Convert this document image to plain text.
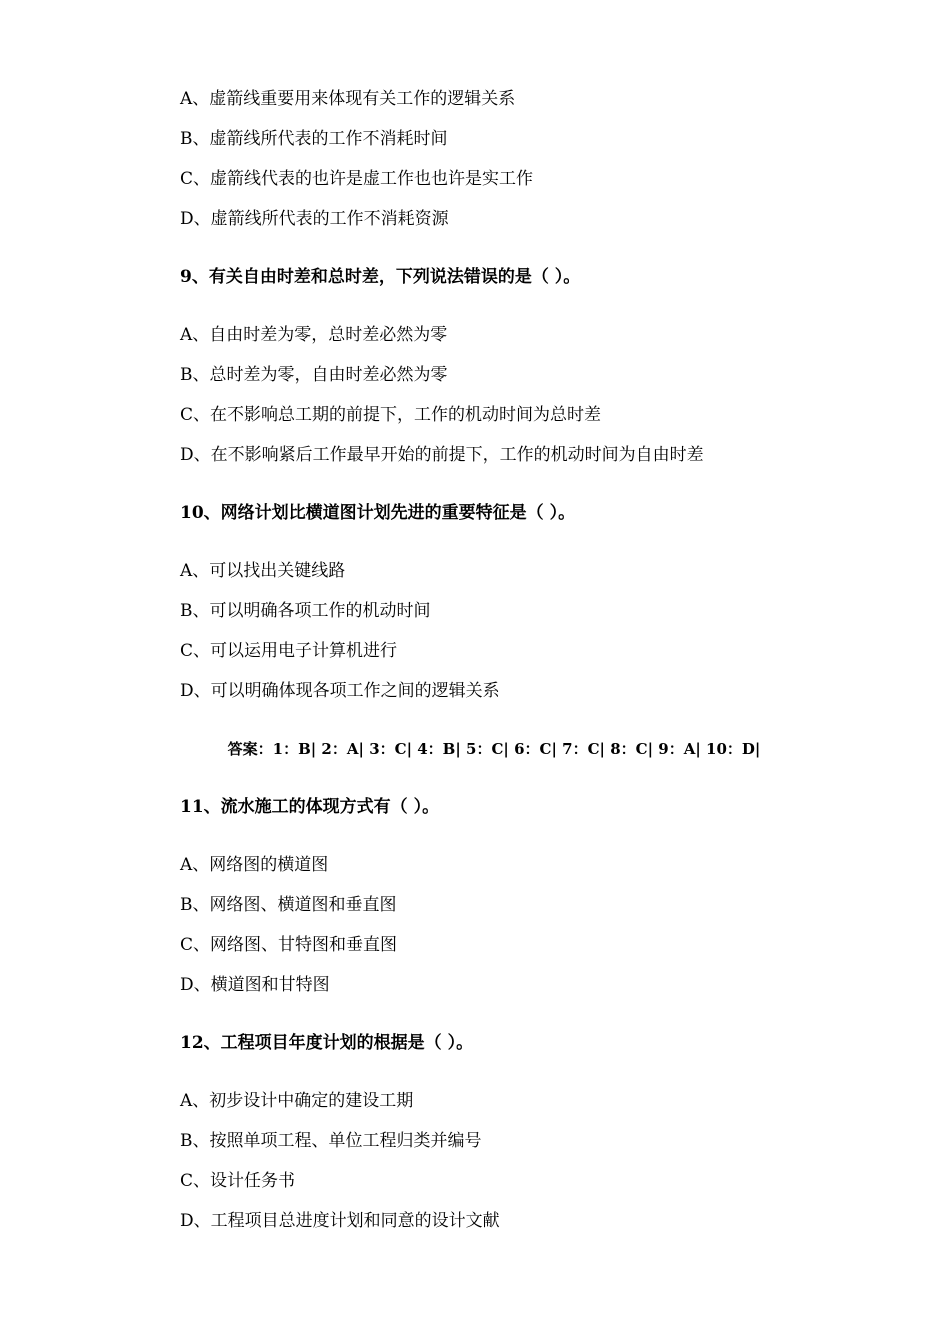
A、虚箭线重要用来体现有关工作的逻辑关系
B、虚箭线所代表的工作不消耗时间
C、虚箭线代表的也许是虚工作也也许是实工作
D、虚箭线所代表的工作不消耗资源
9、有关自由时差和总时差，下列说法错误的是（ ）。
A、自由时差为零，总时差必然为零
B、总时差为零，自由时差必然为零
C、在不影响总工期的前提下，工作的机动时间为总时差
D、在不影响紧后工作最早开始的前提下，工作的机动时间为自由时差
10、网络计划比横道图计划先进的重要特征是（ ）。
A、可以找出关键线路
B、可以明确各项工作的机动时间
C、可以运用电子计算机进行
D、可以明确体现各项工作之间的逻辑关系
答案：1：B| 2：A| 3：C| 4：B| 5：C| 6：C| 7：C| 8：C| 9：A| 10：D|
11、流水施工的体现方式有（ ）。
A、网络图的横道图
B、网络图、横道图和垂直图
C、网络图、甘特图和垂直图
D、横道图和甘特图
12、工程项目年度计划的根据是（ ）。
A、初步设计中确定的建设工期
B、按照单项工程、单位工程归类并编号
C、设计任务书
D、工程项目总进度计划和同意的设计文献
